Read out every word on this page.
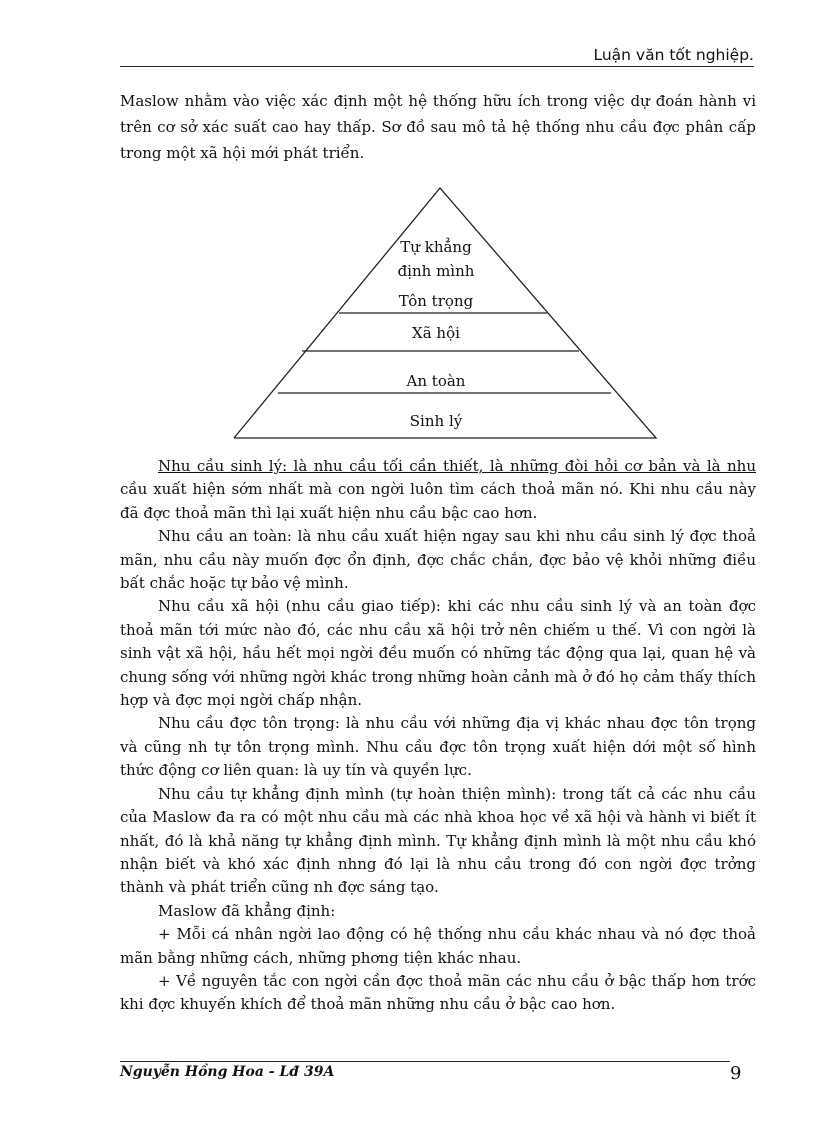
Luận văn tốt nghiệp.

Maslow nhằm vào việc xác định một hệ thống hữu ích trong việc dự đoán hành vi trên cơ sở xác suất cao hay thấp. Sơ đồ sau mô tả hệ thống nhu cầu đợc phân cấp trong một xã hội mới phát triển.

Tự khẳng
định mình
Tôn trọng
Xã hội
An toàn
Sinh lý

Nhu cầu sinh lý: là nhu cầu tối cần thiết, là những đòi hỏi cơ bản và là nhu cầu xuất hiện sớm nhất mà con ngời luôn tìm cách thoả mãn nó. Khi nhu cầu này đã đợc thoả mãn thì lại xuất hiện nhu cầu bậc cao hơn.

Nhu cầu an toàn: là nhu cầu xuất hiện ngay sau khi nhu cầu sinh lý đợc thoả mãn, nhu cầu này muốn đợc ổn định, đợc chắc chắn, đợc bảo vệ khỏi những điều bất chắc hoặc tự bảo vệ mình.

Nhu cầu xã hội (nhu cầu giao tiếp): khi các nhu cầu sinh lý và an toàn đợc thoả mãn tới mức nào đó, các nhu cầu xã hội trở nên chiếm u thế. Vì con ngời là sinh vật xã hội, hầu hết mọi ngời đều muốn có những tác động qua lại, quan hệ và chung sống với những ngời khác trong những hoàn cảnh mà ở đó họ cảm thấy thích hợp và đợc mọi ngời chấp nhận.

Nhu cầu đợc tôn trọng: là nhu cầu với những địa vị khác nhau đợc tôn trọng và cũng nh tự tôn trọng mình. Nhu cầu đợc tôn trọng xuất hiện dới một số hình thức động cơ liên quan: là uy tín và quyền lực.

Nhu cầu tự khẳng định mình (tự hoàn thiện mình): trong tất cả các nhu cầu của Maslow đa ra có một nhu cầu mà các nhà khoa học về xã hội và hành vi biết ít nhất, đó là khả năng tự khẳng định mình. Tự khẳng định mình là một nhu cầu khó nhận biết và khó xác định nhng đó lại là nhu cầu trong đó con ngời đợc trởng thành và phát triển cũng nh đợc sáng tạo.

Maslow đã khẳng định:

+ Mỗi cá nhân ngời lao động có hệ thống nhu cầu khác nhau và nó đợc thoả mãn bằng những cách, những phơng tiện khác nhau.

+ Về nguyên tắc con ngời cần đợc thoả mãn các nhu cầu ở bậc thấp hơn trớc khi đợc khuyến khích để thoả mãn những nhu cầu ở bậc cao hơn.

Nguyễn Hồng Hoa - Lđ 39A	9
